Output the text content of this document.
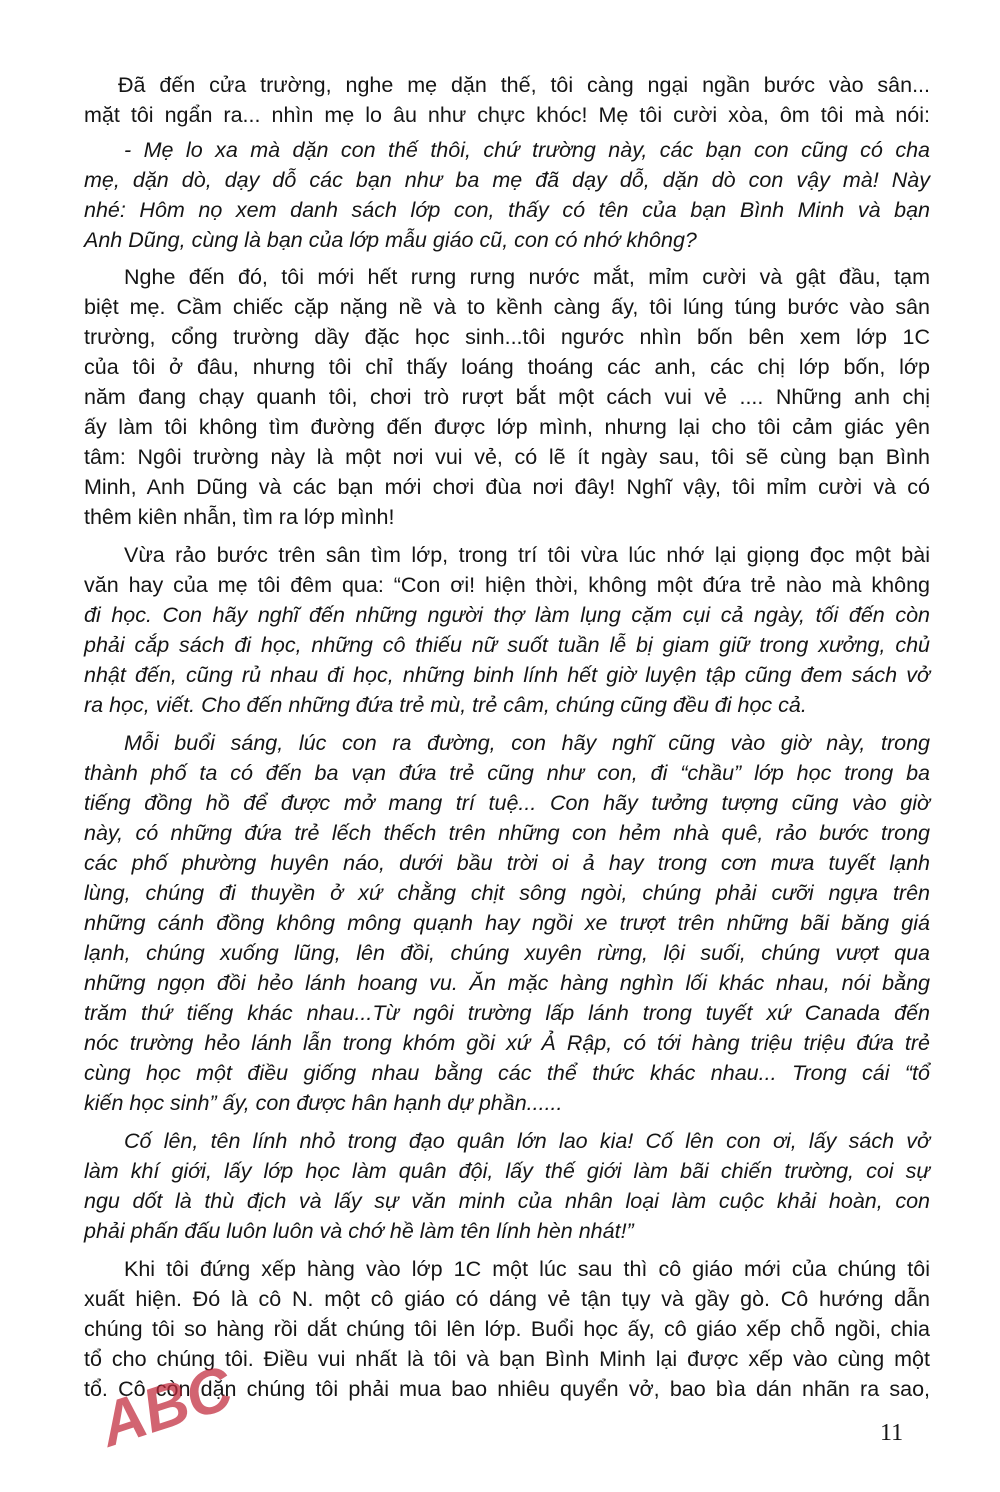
Đã đến cửa trường, nghe mẹ dặn thế, tôi càng ngại ngần bước vào sân...
mặt tôi ngẩn ra... nhìn mẹ lo âu như chực khóc! Mẹ tôi cười xòa, ôm tôi mà nói:
- Mẹ lo xa mà dặn con thế thôi, chứ trường này, các bạn con cũng có cha
mẹ, dặn dò, dạy dỗ các bạn như ba mẹ đã dạy dỗ, dặn dò con vậy mà! Này
nhé: Hôm nọ xem danh sách lớp con, thấy có tên của bạn Bình Minh và bạn
Anh Dũng, cùng là bạn của lớp mẫu giáo cũ, con có nhớ không?
Nghe đến đó, tôi mới hết rưng rưng nước mắt, mỉm cười và gật đầu, tạm
biệt mẹ. Cầm chiếc cặp nặng nề và to kềnh càng ấy, tôi lúng túng bước vào sân
trường, cổng trường dầy đặc học sinh...tôi ngước nhìn bốn bên xem lớp 1C
của tôi ở đâu, nhưng tôi chỉ thấy loáng thoáng các anh, các chị lớp bốn, lớp
năm đang chạy quanh tôi, chơi trò rượt bắt một cách vui vẻ .... Những anh chị
ấy làm tôi không tìm đường đến được lớp mình, nhưng lại cho tôi cảm giác yên
tâm: Ngôi trường này là một nơi vui vẻ, có lẽ ít ngày sau, tôi sẽ cùng bạn Bình
Minh, Anh Dũng và các bạn mới chơi đùa nơi đây! Nghĩ vậy, tôi mỉm cười và có
thêm kiên nhẫn, tìm ra lớp mình!
Vừa rảo bước trên sân tìm lớp, trong trí tôi vừa lúc nhớ lại giọng đọc một bài
văn hay của mẹ tôi đêm qua: “Con ơi! hiện thời, không một đứa trẻ nào mà không
đi học. Con hãy nghĩ đến những người thợ làm lụng cặm cụi cả ngày, tối đến còn
phải cắp sách đi học, những cô thiếu nữ suốt tuần lễ bị giam giữ trong xưởng, chủ
nhật đến, cũng rủ nhau đi học, những binh lính hết giờ luyện tập cũng đem sách vở
ra học, viết. Cho đến những đứa trẻ mù, trẻ câm, chúng cũng đều đi học cả.
Mỗi buổi sáng, lúc con ra đường, con hãy nghĩ cũng vào giờ này, trong
thành phố ta có đến ba vạn đứa trẻ cũng như con, đi “chầu” lớp học trong ba
tiếng đồng hồ để được mở mang trí tuệ... Con hãy tưởng tượng cũng vào giờ
này, có những đứa trẻ lếch thếch trên những con hẻm nhà quê, rảo bước trong
các phố phường huyên náo, dưới bầu trời oi ả hay trong cơn mưa tuyết lạnh
lùng, chúng đi thuyền ở xứ chằng chịt sông ngòi, chúng phải cưỡi ngựa trên
những cánh đồng không mông quạnh hay ngồi xe trượt trên những bãi băng giá
lạnh, chúng xuống lũng, lên đồi, chúng xuyên rừng, lội suối, chúng vượt qua
những ngọn đồi hẻo lánh hoang vu. Ăn mặc hàng nghìn lối khác nhau, nói bằng
trăm thứ tiếng khác nhau...Từ ngôi trường lấp lánh trong tuyết xứ Canada đến
nóc trường hẻo lánh lẫn trong khóm gồi xứ Ả Rập, có tới hàng triệu triệu đứa trẻ
cùng học một điều giống nhau bằng các thể thức khác nhau... Trong cái “tổ
kiến học sinh” ấy, con được hân hạnh dự phần......
Cố lên, tên lính nhỏ trong đạo quân lớn lao kia! Cố lên con ơi, lấy sách vở
làm khí giới, lấy lớp học làm quân đội, lấy thế giới làm bãi chiến trường, coi sự
ngu dốt là thù địch và lấy sự văn minh của nhân loại làm cuộc khải hoàn, con
phải phấn đấu luôn luôn và chớ hề làm tên lính hèn nhát!”
Khi tôi đứng xếp hàng vào lớp 1C một lúc sau thì cô giáo mới của chúng tôi
xuất hiện. Đó là cô N. một cô giáo có dáng vẻ tận tụy và gầy gò. Cô hướng dẫn
chúng tôi so hàng rồi dắt chúng tôi lên lớp. Buổi học ấy, cô giáo xếp chỗ ngồi, chia
tổ cho chúng tôi. Điều vui nhất là tôi và bạn Bình Minh lại được xếp vào cùng một
tổ. Cô còn dặn chúng tôi phải mua bao nhiêu quyển vở, bao bìa dán nhãn ra sao,
ABC	11
